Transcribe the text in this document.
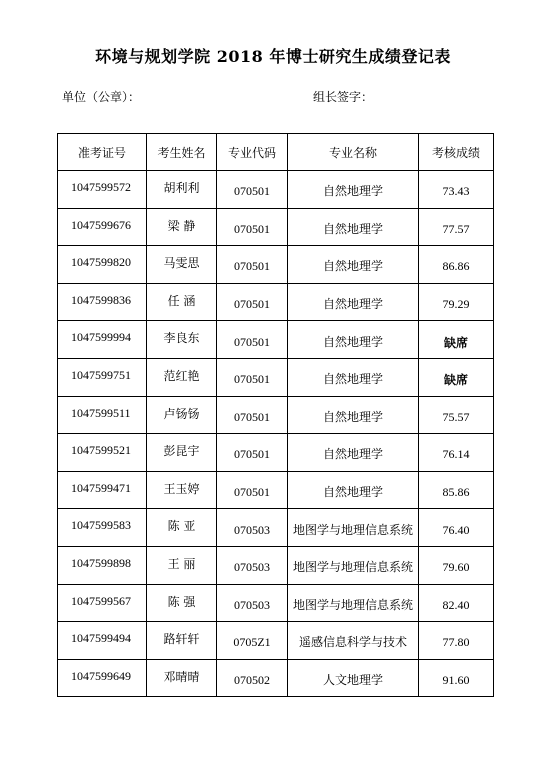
环境与规划学院 2018 年博士研究生成绩登记表
单位（公章）：	组长签字：
准考证号	考生姓名	专业代码	专业名称	考核成绩
1047599572	胡利利	070501	自然地理学	73.43
1047599676	梁 静	070501	自然地理学	77.57
1047599820	马雯思	070501	自然地理学	86.86
1047599836	任 涵	070501	自然地理学	79.29
1047599994	李良东	070501	自然地理学	缺席
1047599751	范红艳	070501	自然地理学	缺席
1047599511	卢钖钖	070501	自然地理学	75.57
1047599521	彭昆宇	070501	自然地理学	76.14
1047599471	王玉婷	070501	自然地理学	85.86
1047599583	陈 亚	070503	地图学与地理信息系统	76.40
1047599898	王 丽	070503	地图学与地理信息系统	79.60
1047599567	陈 强	070503	地图学与地理信息系统	82.40
1047599494	路轩轩	0705Z1	遥感信息科学与技术	77.80
1047599649	邓晴晴	070502	人文地理学	91.60
